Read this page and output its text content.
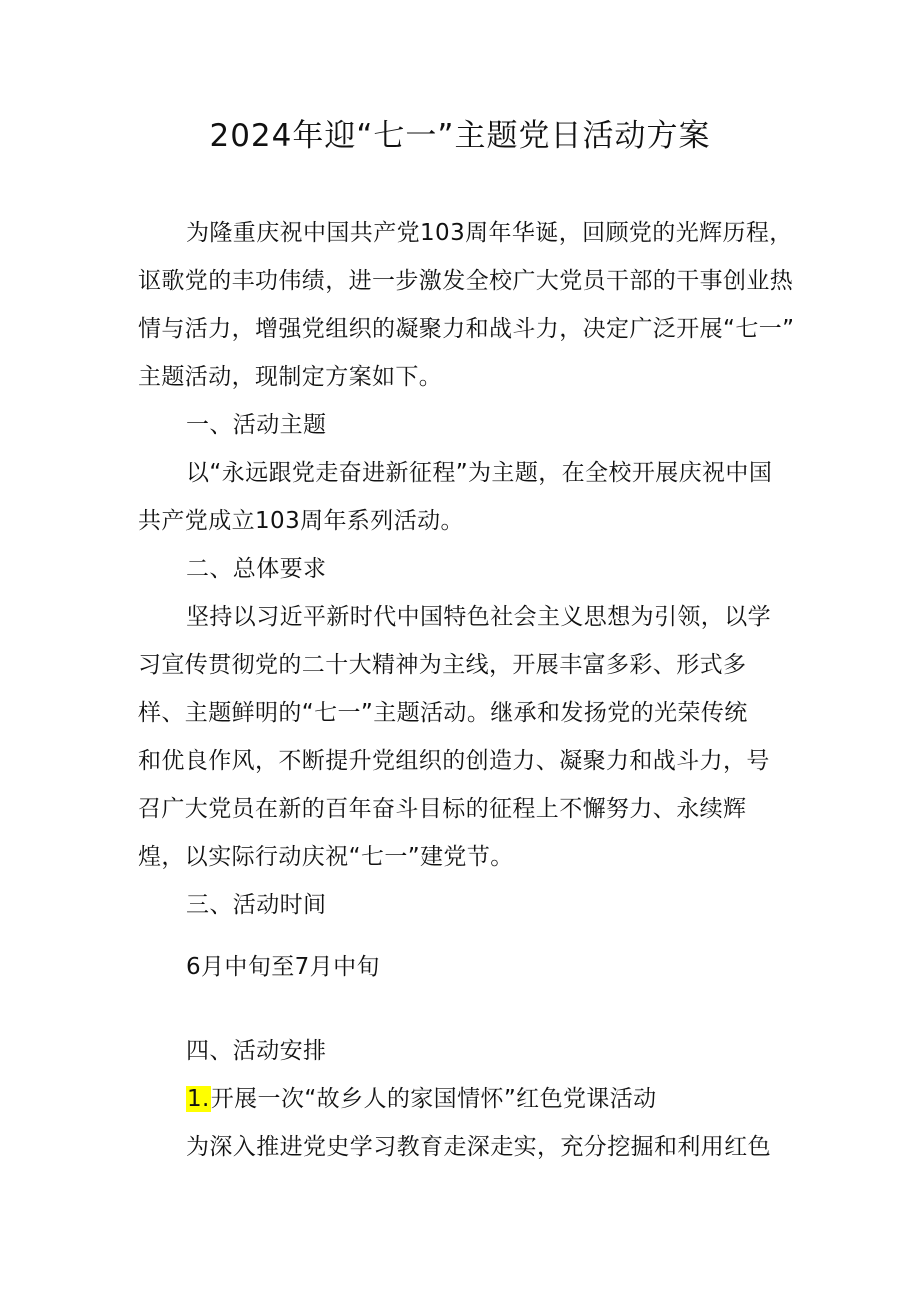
2024年迎“七一”主题党日活动方案
为隆重庆祝中国共产党103周年华诞，回顾党的光辉历程，
讴歌党的丰功伟绩，进一步激发全校广大党员干部的干事创业热
情与活力，增强党组织的凝聚力和战斗力，决定广泛开展“七一”
主题活动，现制定方案如下。
一、活动主题
以“永远跟党走奋进新征程”为主题，在全校开展庆祝中国
共产党成立103周年系列活动。
二、总体要求
坚持以习近平新时代中国特色社会主义思想为引领，以学
习宣传贯彻党的二十大精神为主线，开展丰富多彩、形式多
样、主题鲜明的“七一”主题活动。继承和发扬党的光荣传统
和优良作风，不断提升党组织的创造力、凝聚力和战斗力，号
召广大党员在新的百年奋斗目标的征程上不懈努力、永续辉
煌，以实际行动庆祝“七一”建党节。
三、活动时间
6月中旬至7月中旬
四、活动安排
1.开展一次“故乡人的家国情怀”红色党课活动
为深入推进党史学习教育走深走实，充分挖掘和利用红色
